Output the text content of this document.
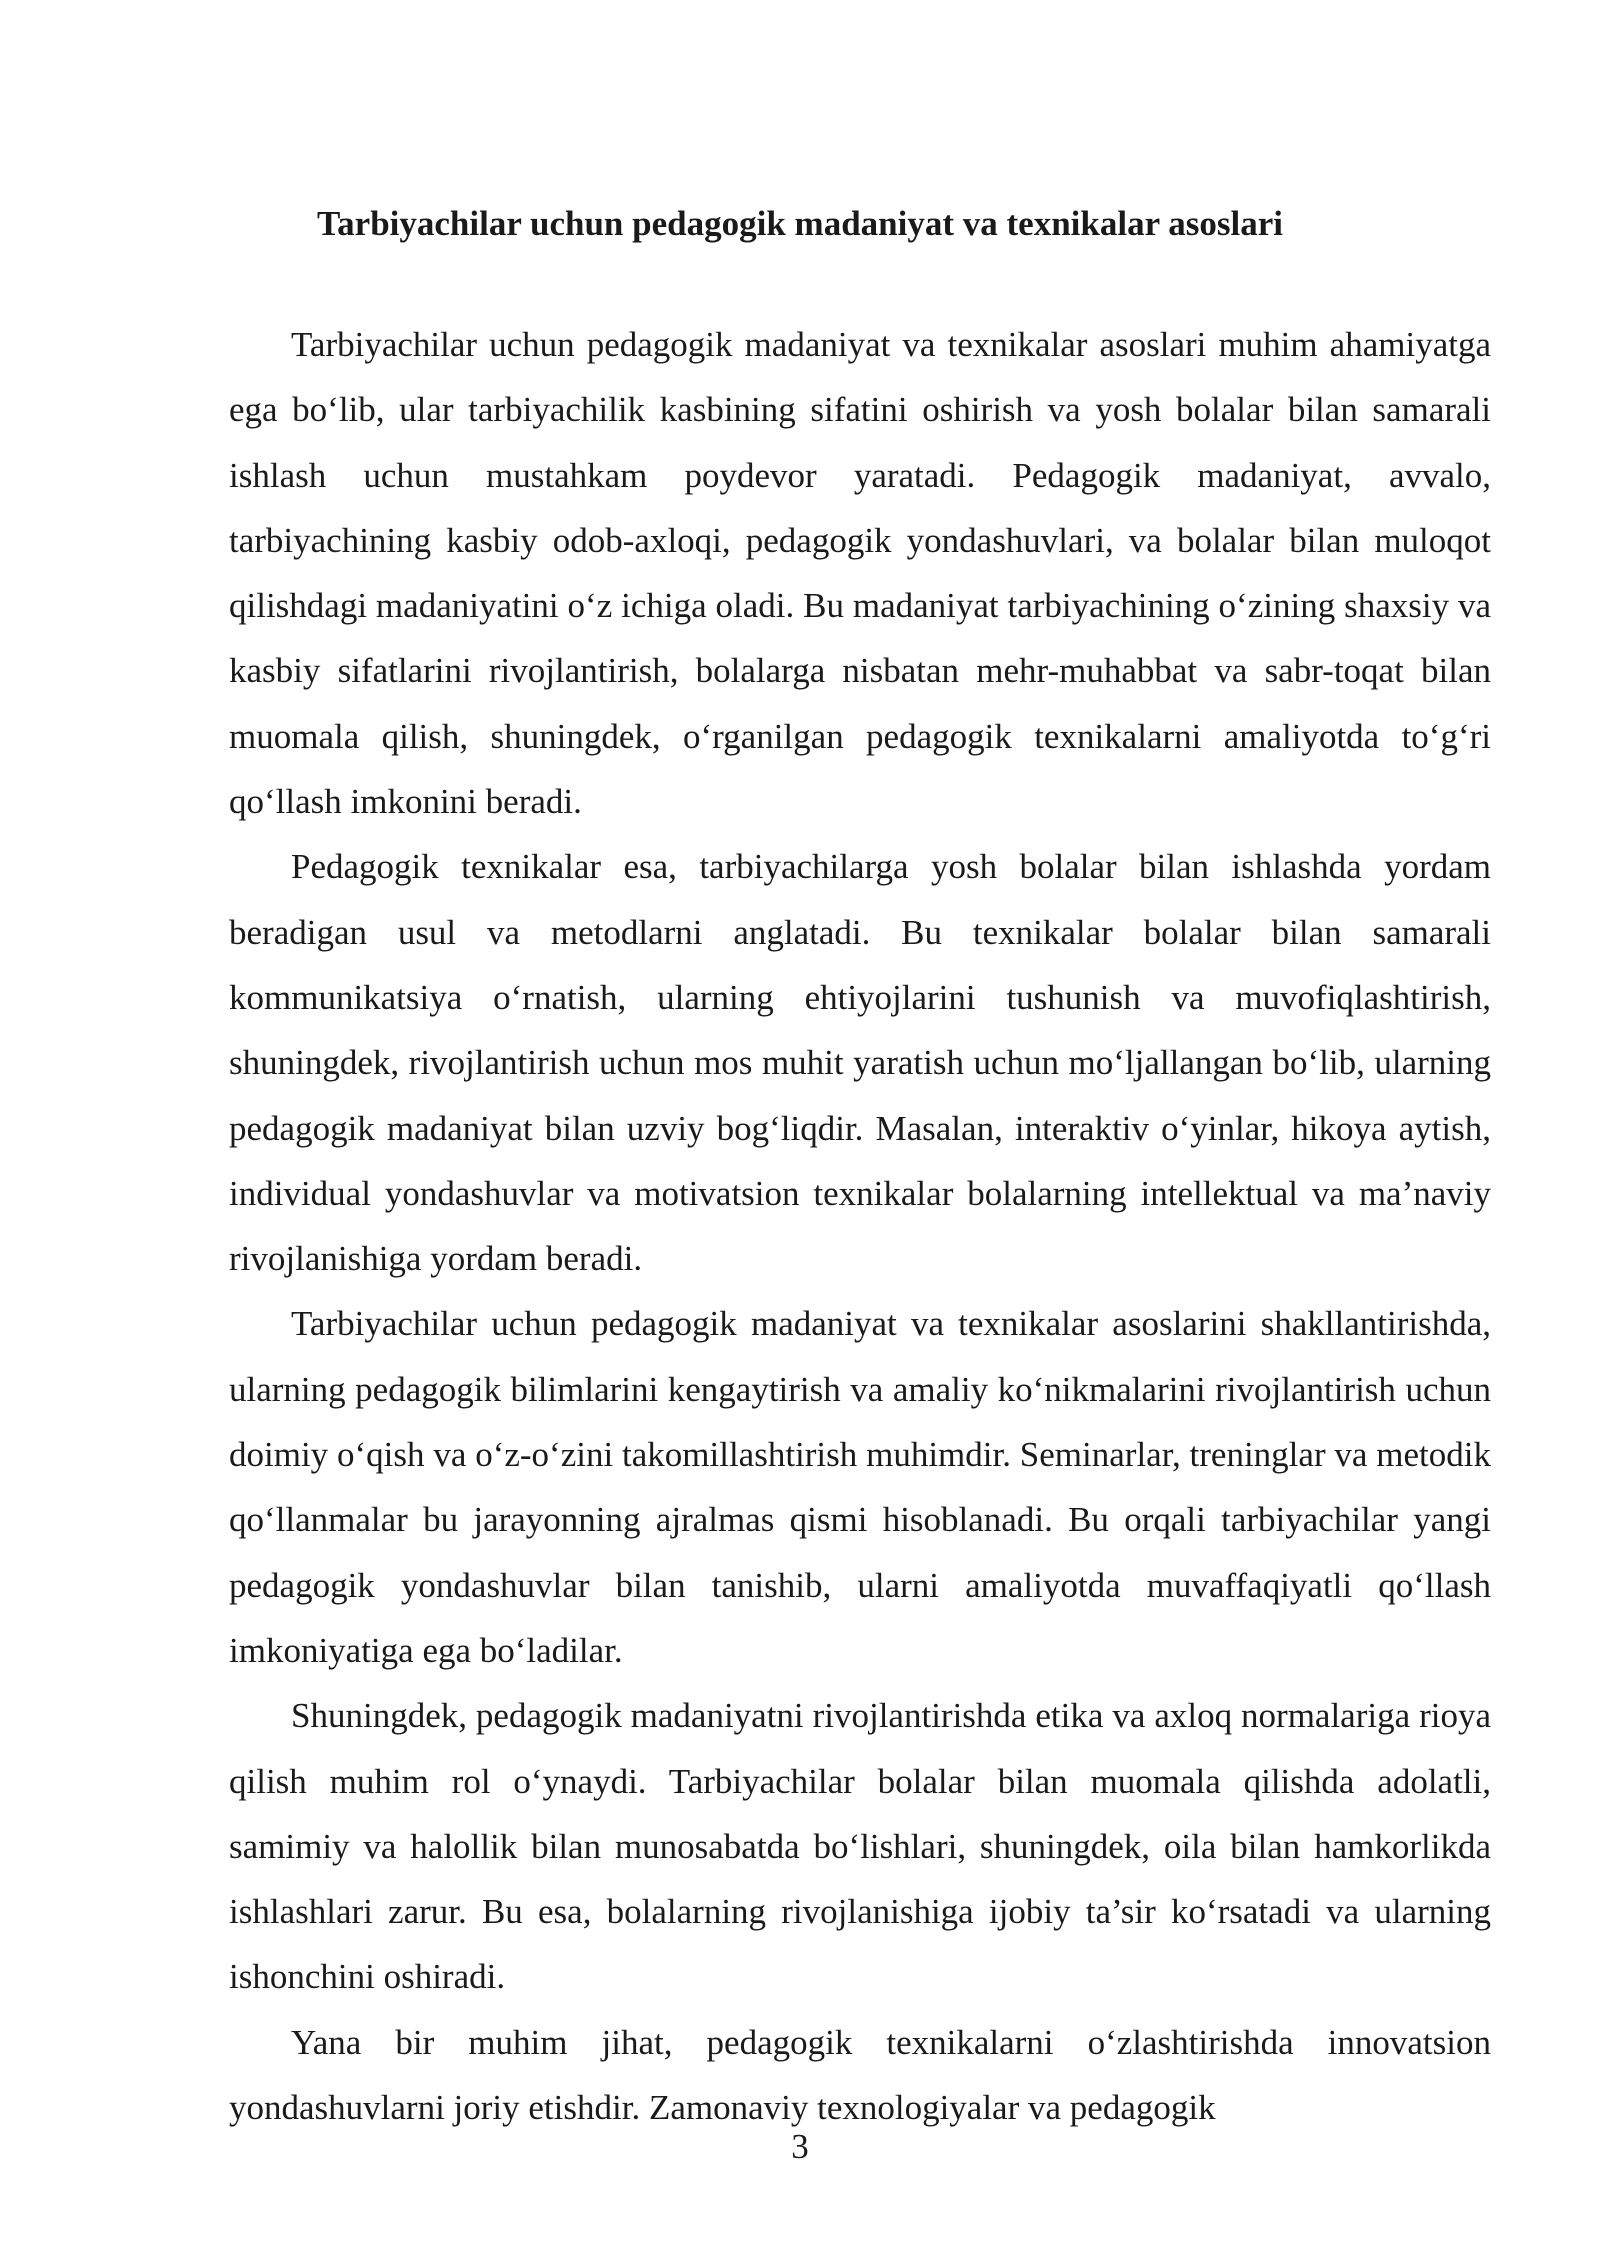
Tarbiyachilar uchun pedagogik madaniyat va texnikalar asoslari

Tarbiyachilar uchun pedagogik madaniyat va texnikalar asoslari muhim ahamiyatga ega bo‘lib, ular tarbiyachilik kasbining sifatini oshirish va yosh bolalar bilan samarali ishlash uchun mustahkam poydevor yaratadi. Pedagogik madaniyat, avvalo, tarbiyachining kasbiy odob-axloqi, pedagogik yondashuvlari, va bolalar bilan muloqot qilishdagi madaniyatini o‘z ichiga oladi. Bu madaniyat tarbiyachining o‘zining shaxsiy va kasbiy sifatlarini rivojlantirish, bolalarga nisbatan mehr-muhabbat va sabr-toqat bilan muomala qilish, shuningdek, o‘rganilgan pedagogik texnikalarni amaliyotda to‘g‘ri qo‘llash imkonini beradi.

Pedagogik texnikalar esa, tarbiyachilarga yosh bolalar bilan ishlashda yordam beradigan usul va metodlarni anglatadi. Bu texnikalar bolalar bilan samarali kommunikatsiya o‘rnatish, ularning ehtiyojlarini tushunish va muvofiqlashtirish, shuningdek, rivojlantirish uchun mos muhit yaratish uchun mo‘ljallangan bo‘lib, ularning pedagogik madaniyat bilan uzviy bog‘liqdir. Masalan, interaktiv o‘yinlar, hikoya aytish, individual yondashuvlar va motivatsion texnikalar bolalarning intellektual va ma’naviy rivojlanishiga yordam beradi.

Tarbiyachilar uchun pedagogik madaniyat va texnikalar asoslarini shakllantirishda, ularning pedagogik bilimlarini kengaytirish va amaliy ko‘nikmalarini rivojlantirish uchun doimiy o‘qish va o‘z-o‘zini takomillashtirish muhimdir. Seminarlar, treninglar va metodik qo‘llanmalar bu jarayonning ajralmas qismi hisoblanadi. Bu orqali tarbiyachilar yangi pedagogik yondashuvlar bilan tanishib, ularni amaliyotda muvaffaqiyatli qo‘llash imkoniyatiga ega bo‘ladilar.

Shuningdek, pedagogik madaniyatni rivojlantirishda etika va axloq normalariga rioya qilish muhim rol o‘ynaydi. Tarbiyachilar bolalar bilan muomala qilishda adolatli, samimiy va halollik bilan munosabatda bo‘lishlari, shuningdek, oila bilan hamkorlikda ishlashlari zarur. Bu esa, bolalarning rivojlanishiga ijobiy ta’sir ko‘rsatadi va ularning ishonchini oshiradi.

Yana bir muhim jihat, pedagogik texnikalarni o‘zlashtirishda innovatsion yondashuvlarni joriy etishdir. Zamonaviy texnologiyalar va pedagogik

3
